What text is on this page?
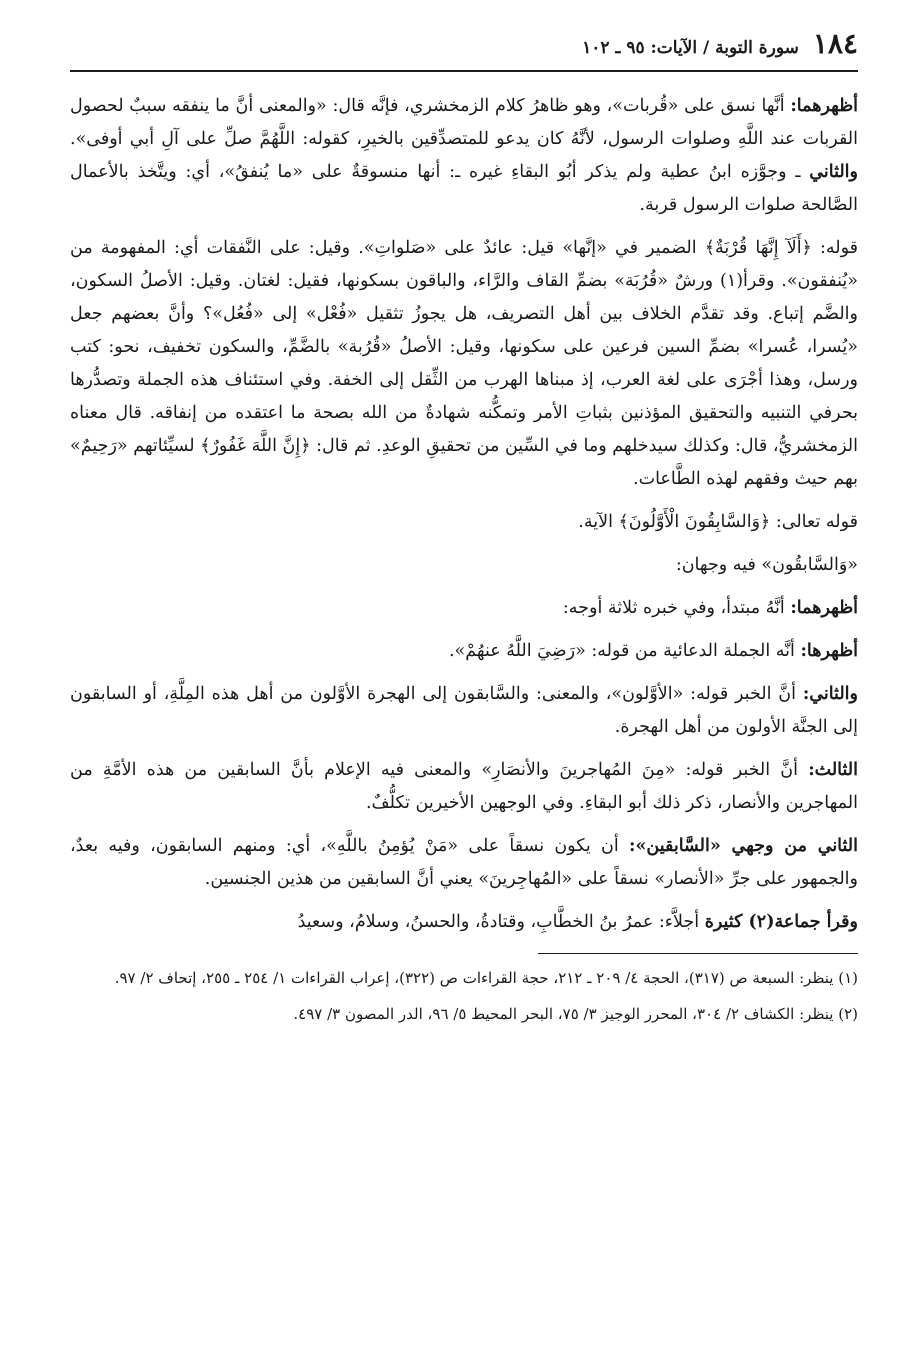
١٨٤
سورة التوبة / الآيات: ٩٥ ـ ١٠٢

أظهرهما: أنَّها نسق على «قُربات»، وهو ظاهرُ كلام الزمخشري، فإنَّه قال: «والمعنى أنَّ ما ينفقه سببٌ لحصول القربات عند اللَّهِ وصلوات الرسول، لأنَّهُ كان يدعو للمتصدِّقين بالخيرِ، كقوله: اللَّهُمَّ صلِّ على آلِ أبي أوفى». والثاني ـ وجوَّزه ابنُ عطية ولم يذكر أبُو البقاءِ غيره ـ: أنها منسوقةٌ على «ما يُنفقُ»، أي: ويتَّخذ بالأعمال الصَّالحة صلوات الرسول قربة.

قوله: ﴿أَلَآ إِنَّهَا قُرْبَةٌ﴾ الضمير في «إنَّها» قيل: عائدٌ على «صَلواتِ». وقيل: على النَّفقات أي: المفهومة من «يُنفقون». وقرأ(١) ورشٌ «قُرُبَة» بضمِّ القاف والرَّاء، والباقون بسكونها، فقيل: لغتان. وقيل: الأصلُ السكون، والضَّم إتباع. وقد تقدَّم الخلاف بين أهل التصريف، هل يجوزُ تثقيل «فُعْل» إلى «فُعُل»؟ وأنَّ بعضهم جعل «يُسرا، عُسرا» بضمِّ السين فرعين على سكونها، وقيل: الأصلُ «قُرُبة» بالضَّمِّ، والسكون تخفيف، نحو: كتب ورسل، وهذا أجْرَى على لغة العرب، إذ مبناها الهرب من الثِّقل إلى الخفة. وفي استئناف هذه الجملة وتصدُّرها بحرفي التنبيه والتحقيق المؤذنين بثباتِ الأمر وتمكُّنه شهادةٌ من الله بصحة ما اعتقده من إنفاقه. قال معناه الزمخشريُّ، قال: وكذلك سيدخلهم وما في السِّين من تحقيقِ الوعدِ. ثم قال: ﴿إِنَّ اللَّهَ غَفُورٌ﴾ لسيِّئاتهم «رَحِيمٌ» بهم حيث وفقهم لهذه الطَّاعات.

قوله تعالى: ﴿وَالسَّابِقُونَ الْأَوَّلُونَ﴾ الآية.

«وَالسَّابقُون» فيه وجهان:

أظهرهما: أنَّهُ مبتدأ، وفي خبره ثلاثة أوجه:

أظهرها: أنَّه الجملة الدعائية من قوله: «رَضِيَ اللَّهُ عنهُمْ».

والثاني: أنَّ الخبر قوله: «الأوَّلون»، والمعنى: والسَّابقون إلى الهجرة الأوَّلون من أهل هذه المِلَّةِ، أو السابقون إلى الجنَّة الأولون من أهل الهجرة.

الثالث: أنَّ الخبر قوله: «مِنَ المُهاجرينَ والأنصَارِ» والمعنى فيه الإعلام بأنَّ السابقين من هذه الأمَّةِ من المهاجرين والأنصار، ذكر ذلك أبو البقاءِ. وفي الوجهين الأخيرين تكلُّفٌ.

الثاني من وجهي «السَّابقين»: أن يكون نسقاً على «مَنْ يُؤمِنُ باللَّهِ»، أي: ومنهم السابقون، وفيه بعدٌ، والجمهور على جرِّ «الأنصار» نسقاً على «المُهاجِرينَ» يعني أنَّ السابقين من هذين الجنسين.

وقرأ جماعة(٢) كثيرة أجلاَّء: عمرُ بنُ الخطَّابِ، وقتادةُ، والحسنُ، وسلامُ، وسعيدُ

(١) ينظر: السبعة ص (٣١٧)، الحجة ٤/ ٢٠٩ ـ ٢١٢، حجة القراءات ص (٣٢٢)، إعراب القراءات ١/ ٢٥٤ ـ ٢٥٥، إتحاف ٢/ ٩٧.

(٢) ينظر: الكشاف ٢/ ٣٠٤، المحرر الوجيز ٣/ ٧٥، البحر المحيط ٥/ ٩٦، الدر المصون ٣/ ٤٩٧.
